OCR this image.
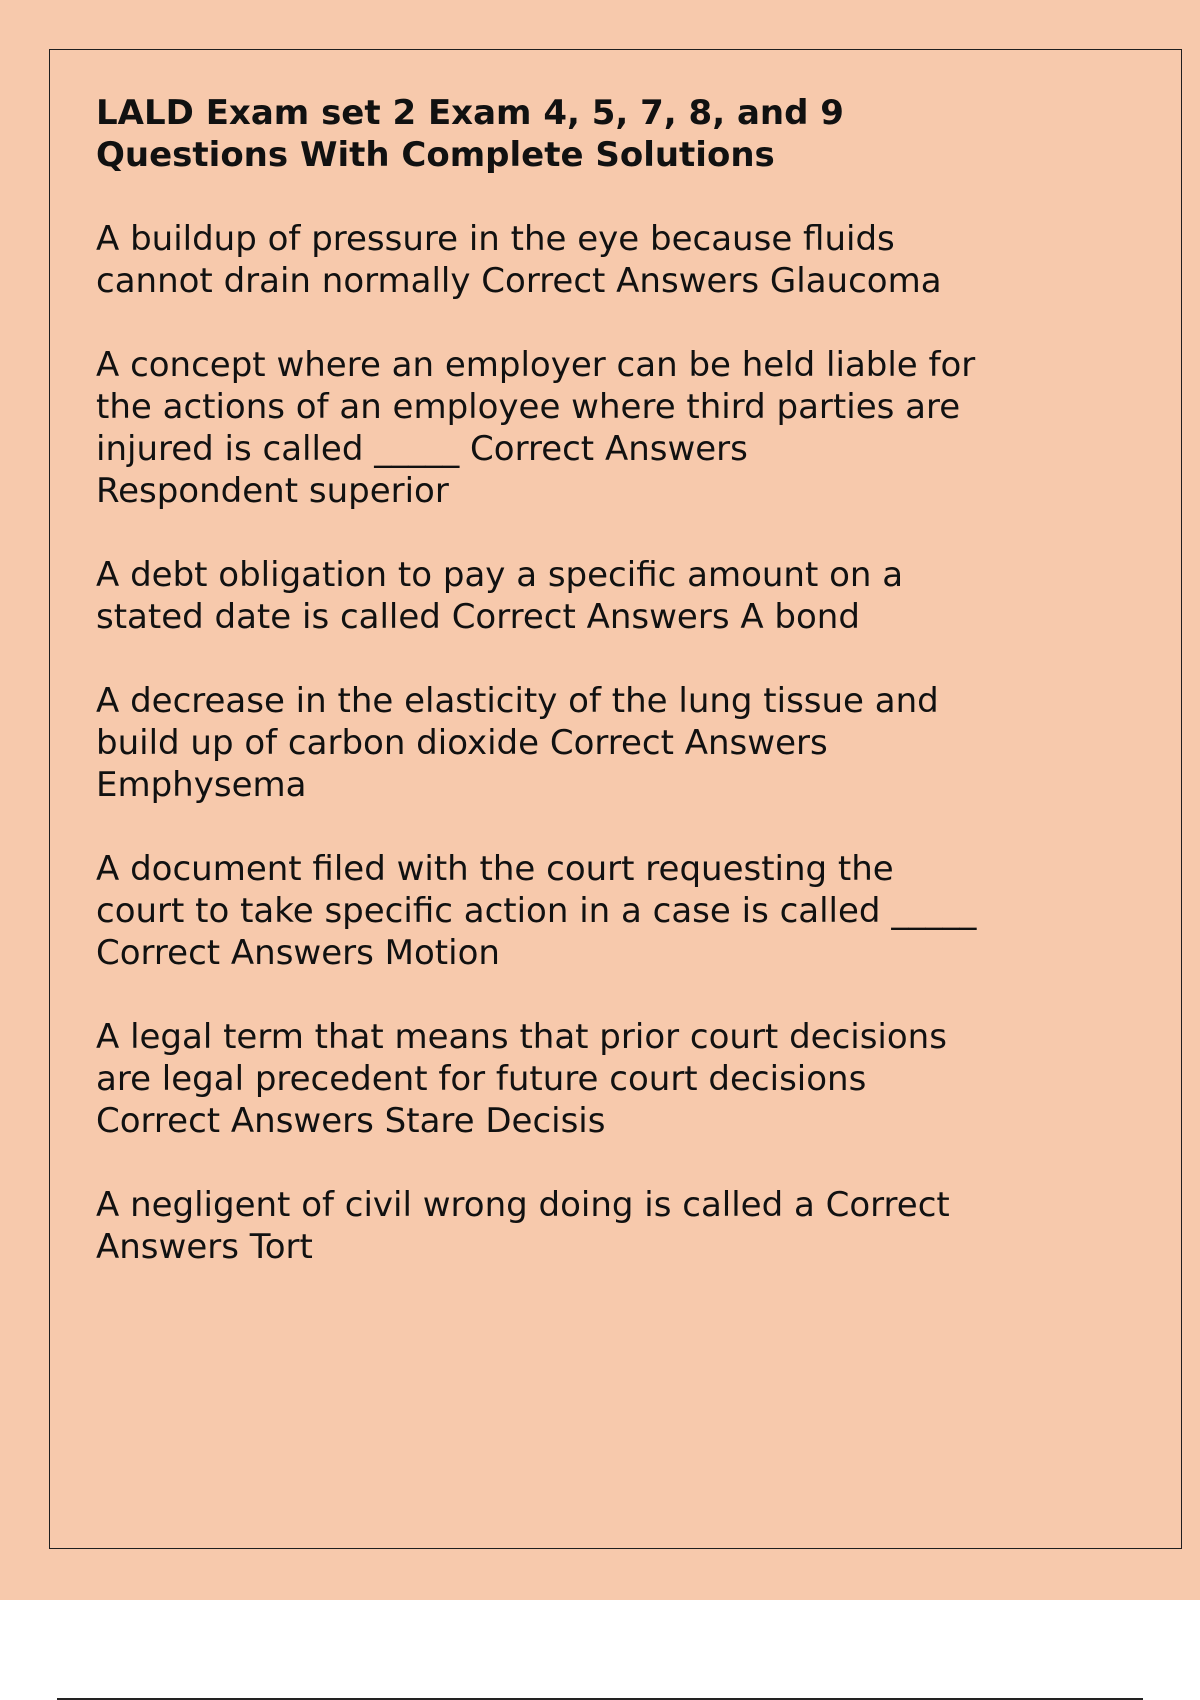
LALD Exam set 2 Exam 4, 5, 7, 8, and 9
Questions With Complete Solutions
A buildup of pressure in the eye because fluids
cannot drain normally Correct Answers Glaucoma
A concept where an employer can be held liable for
the actions of an employee where third parties are
injured is called _____ Correct Answers
Respondent superior
A debt obligation to pay a specific amount on a
stated date is called Correct Answers A bond
A decrease in the elasticity of the lung tissue and
build up of carbon dioxide Correct Answers
Emphysema
A document filed with the court requesting the
court to take specific action in a case is called _____
Correct Answers Motion
A legal term that means that prior court decisions
are legal precedent for future court decisions
Correct Answers Stare Decisis
A negligent of civil wrong doing is called a Correct
Answers Tort
